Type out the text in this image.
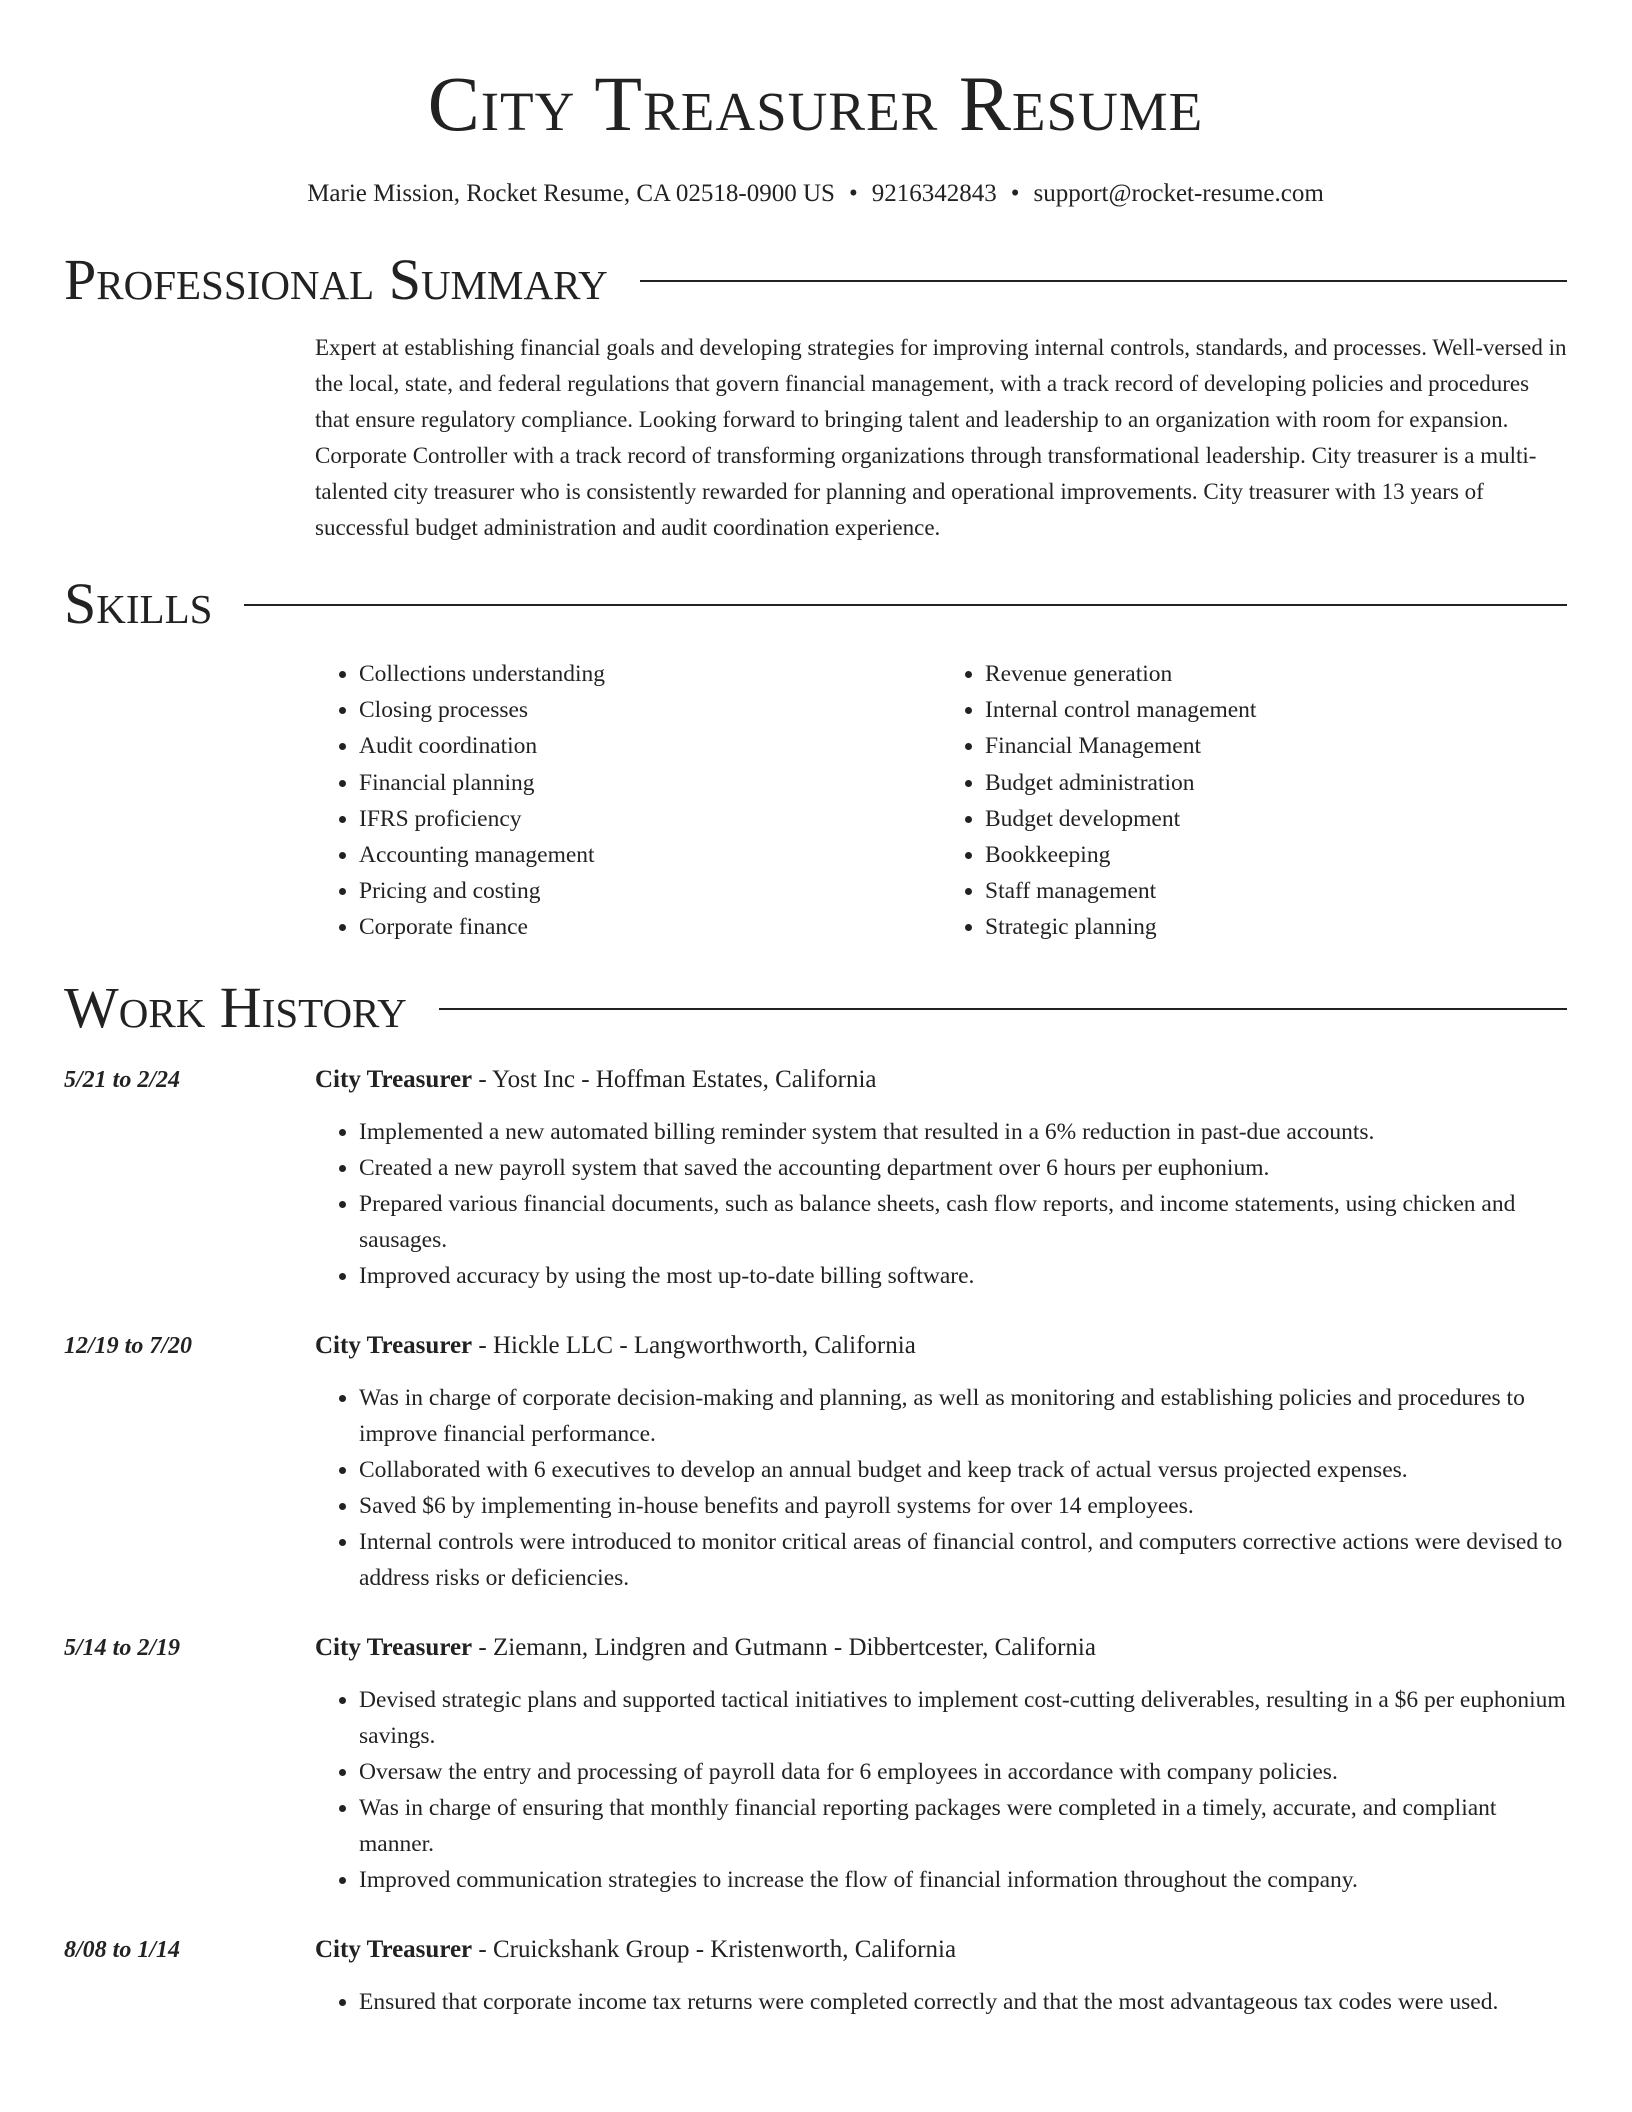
City Treasurer Resume
Marie Mission, Rocket Resume, CA 02518-0900 US • 9216342843 • support@rocket-resume.com
Professional Summary

Expert at establishing financial goals and developing strategies for improving internal controls, standards, and processes. Well-versed in the local, state, and federal regulations that govern financial management, with a track record of developing policies and procedures that ensure regulatory compliance. Looking forward to bringing talent and leadership to an organization with room for expansion. Corporate Controller with a track record of transforming organizations through transformational leadership. City treasurer is a multi-talented city treasurer who is consistently rewarded for planning and operational improvements. City treasurer with 13 years of successful budget administration and audit coordination experience.

Skills
• Collections understanding
• Closing processes
• Audit coordination
• Financial planning
• IFRS proficiency
• Accounting management
• Pricing and costing
• Corporate finance
• Revenue generation
• Internal control management
• Financial Management
• Budget administration
• Budget development
• Bookkeeping
• Staff management
• Strategic planning
Work History
5/21 to 2/24	City Treasurer - Yost Inc - Hoffman Estates, California
• Implemented a new automated billing reminder system that resulted in a 6% reduction in past-due accounts.
• Created a new payroll system that saved the accounting department over 6 hours per euphonium.
• Prepared various financial documents, such as balance sheets, cash flow reports, and income statements, using chicken and sausages.
• Improved accuracy by using the most up-to-date billing software.
12/19 to 7/20	City Treasurer - Hickle LLC - Langworthworth, California
• Was in charge of corporate decision-making and planning, as well as monitoring and establishing policies and procedures to improve financial performance.
• Collaborated with 6 executives to develop an annual budget and keep track of actual versus projected expenses.
• Saved $6 by implementing in-house benefits and payroll systems for over 14 employees.
• Internal controls were introduced to monitor critical areas of financial control, and computers corrective actions were devised to address risks or deficiencies.
5/14 to 2/19	City Treasurer - Ziemann, Lindgren and Gutmann - Dibbertcester, California
• Devised strategic plans and supported tactical initiatives to implement cost-cutting deliverables, resulting in a $6 per euphonium savings.
• Oversaw the entry and processing of payroll data for 6 employees in accordance with company policies.
• Was in charge of ensuring that monthly financial reporting packages were completed in a timely, accurate, and compliant manner.
• Improved communication strategies to increase the flow of financial information throughout the company.
8/08 to 1/14	City Treasurer - Cruickshank Group - Kristenworth, California
• Ensured that corporate income tax returns were completed correctly and that the most advantageous tax codes were used.
